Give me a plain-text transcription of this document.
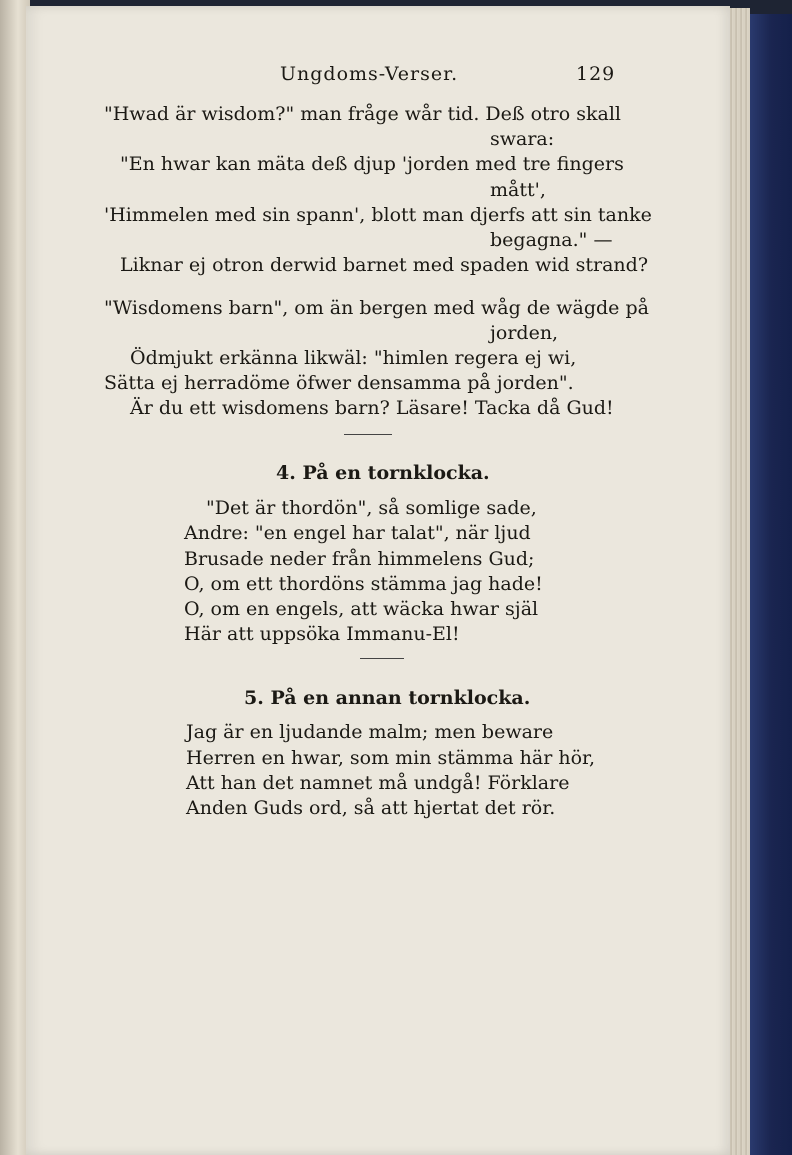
Ungdoms-Verser.	129
"Hwad är wisdom?" man fråge wår tid. Deß otro skall
swara:
"En hwar kan mäta deß djup 'jorden med tre fingers
mått',
'Himmelen med sin spann', blott man djerfs att sin tanke
begagna." —
Liknar ej otron derwid barnet med spaden wid strand?
"Wisdomens barn", om än bergen med wåg de wägde på
jorden,
Ödmjukt erkänna likwäl: "himlen regera ej wi,
Sätta ej herradöme öfwer densamma på jorden".
Är du ett wisdomens barn? Läsare! Tacka då Gud!
4. På en tornklocka.
"Det är thordön", så somlige sade,
Andre: "en engel har talat", när ljud
Brusade neder från himmelens Gud;
O, om ett thordöns stämma jag hade!
O, om en engels, att wäcka hwar själ
Här att uppsöka Immanu-El!
5. På en annan tornklocka.
Jag är en ljudande malm; men beware
Herren en hwar, som min stämma här hör,
Att han det namnet må undgå! Förklare
Anden Guds ord, så att hjertat det rör.
